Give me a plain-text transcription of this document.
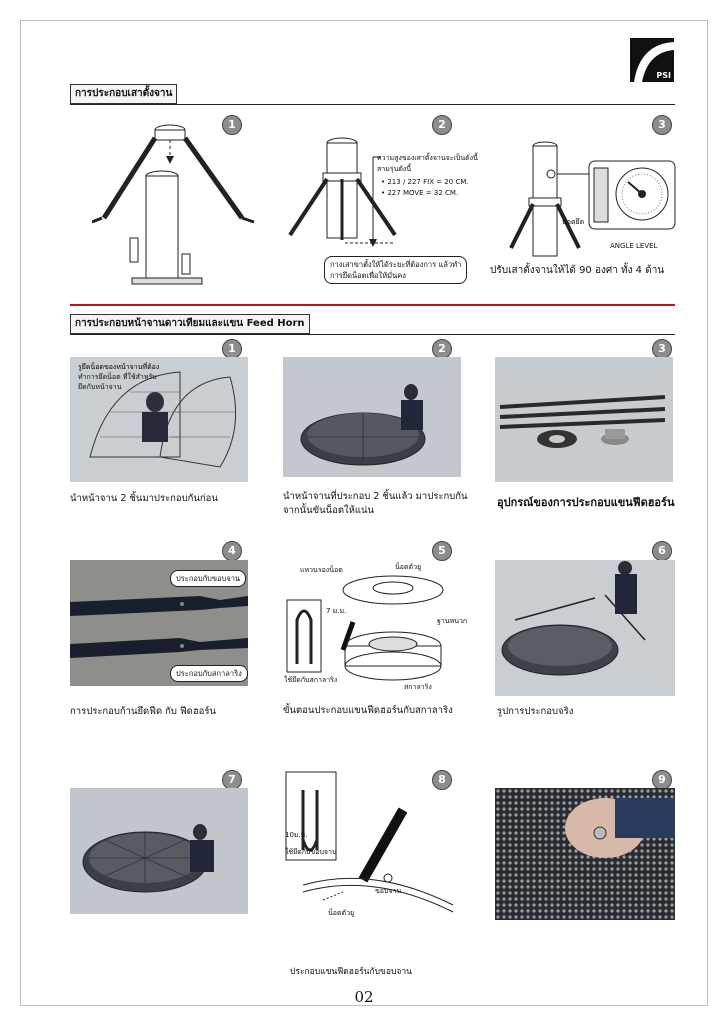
PSI
การประกอบเสาตั้งจาน
1	2	3
ความสูงของเสาตั้งจานจะเป็นดังนี้
สามรุ่นดังนี้
• 213 / 227 FIX = 20 CM.
• 227 MOVE = 32 CM.
กางเสาขาตั้งให้ได้ระยะที่ต้องการ แล้วทำ
การยึดน็อตเพื่อให้มั่นคง
น็อตยึด
ANGLE LEVEL
ปรับเสาตั้งจานให้ได้ 90 องศา ทั้ง 4 ด้าน
การประกอบหน้าจานดาวเทียมและแขน Feed Horn
1	2	3
รูยึดน็อตของหน้าจานที่ต้อง
ทำการยึดน็อต ที่ใช้สำหรับ
ยึดกับหน้าจาน
นำหน้าจาน 2 ชิ้นมาประกอบกันก่อน	นำหน้าจานที่ประกอบ 2 ชิ้นแล้ว มาประกบกัน
จากนั้นขันน็อตให้แน่น
อุปกรณ์ของการประกอบแขนฟีดฮอร์น
4	5	6
ประกอบกับขอบจาน
ประกอบกับสกาลาริง
แหวนรองน็อต	น็อตตัวยู
7 ม.ม.
ฐานหนวก
ใช้ยึดกับสกาลาริง
สกาลาริง
การประกอบก้านยึดฟีด กับ ฟีดฮอร์น	ขั้นตอนประกอบแขนฟีดฮอร์นกับสกาลาริง	รูปการประกอบจริง
7	8	9
10ม.ม.
ใช้ยึดกับขอบจาน
ขอบจาน
น็อตตัวยู
ประกอบแขนฟีดฮอร์นกับขอบจาน
02
